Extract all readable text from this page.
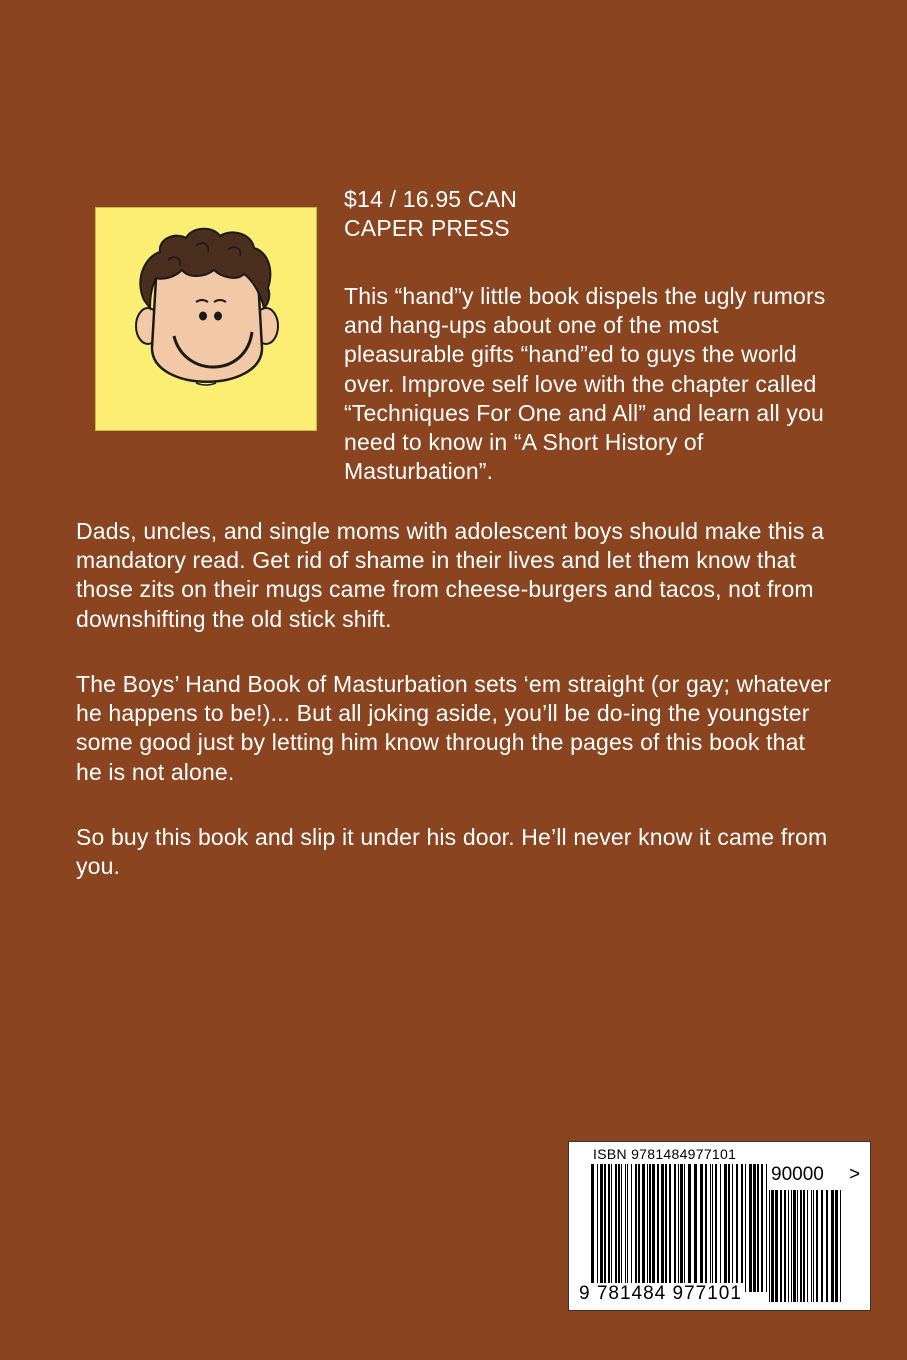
$14 / 16.95 CAN
CAPER PRESS

This “hand”y little book dispels the ugly rumors and hang-ups about one of the most pleasurable gifts “hand”ed to guys the world over. Improve self love with the chapter called “Techniques For One and All” and learn all you need to know in “A Short History of Masturbation”.

Dads, uncles, and single moms with adolescent boys should make this a mandatory read. Get rid of shame in their lives and let them know that those zits on their mugs came from cheese-burgers and tacos, not from downshifting the old stick shift.

The Boys’ Hand Book of Masturbation sets ‘em straight (or gay; whatever he happens to be!)... But all joking aside, you’ll be do-ing the youngster some good just by letting him know through the pages of this book that he is not alone.

So buy this book and slip it under his door. He’ll never know it came from you.

ISBN 9781484977101
90000 >
9 781484 977101
